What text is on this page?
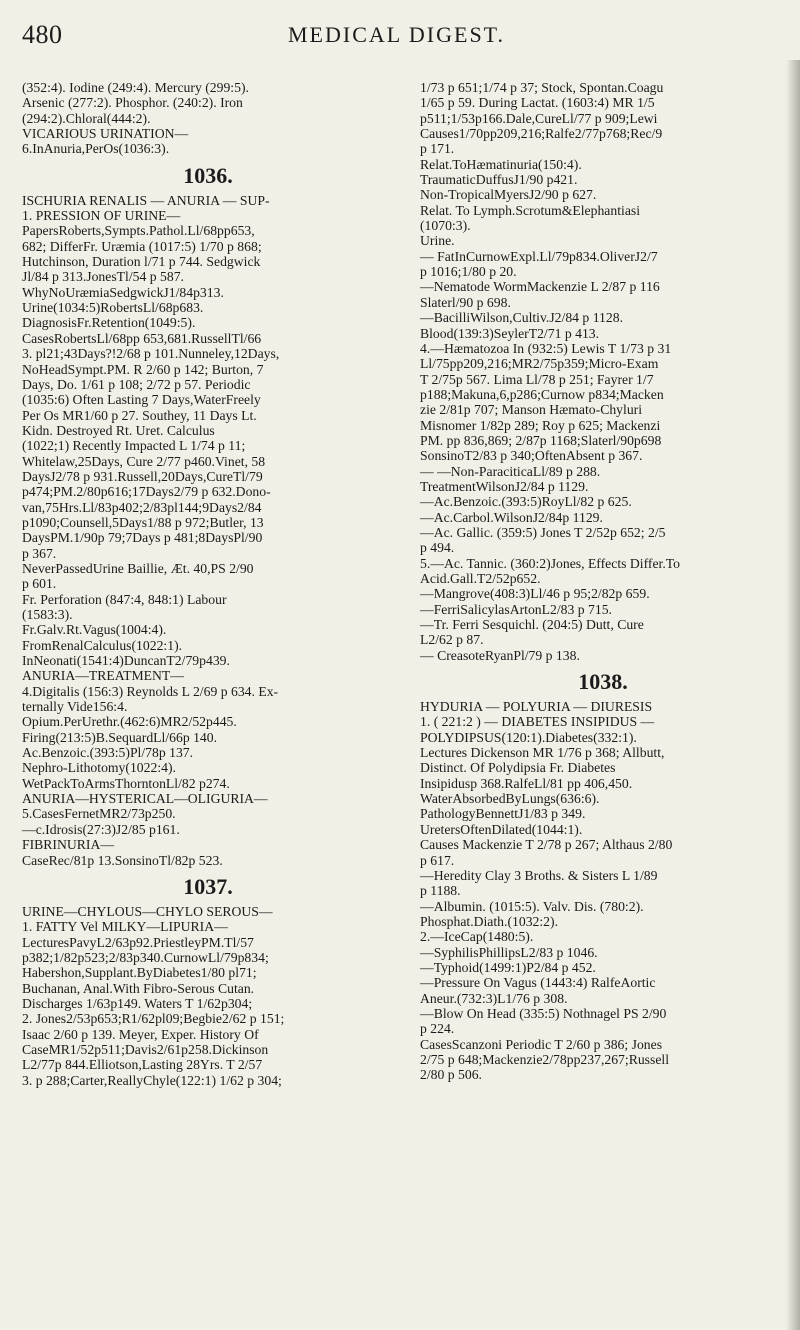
480	MEDICAL DIGEST.

(352:4). Iodine (249:4). Mercury (299:5).

Arsenic (277:2). Phosphor. (240:2). Iron

(294:2).Chloral(444:2).

VICARIOUS URINATION—

6.InAnuria,PerOs(1036:3).

1036.

ISCHURIA RENALIS — ANURIA — SUP-

1. PRESSION OF URINE—

PapersRoberts,Sympts.Pathol.Ll/68pp653,

682; DifferFr. Uræmia (1017:5) 1/70 p 868;

Hutchinson, Duration l/71 p 744. Sedgwick

Jl/84 p 313.JonesTl/54 p 587.

WhyNoUræmiaSedgwickJ1/84p313.

Urine(1034:5)RobertsLl/68p683.

DiagnosisFr.Retention(1049:5).

CasesRobertsLl/68pp 653,681.RussellTl/66

3. pl21;43Days?!2/68 p 101.Nunneley,12Days,

NoHeadSympt.PM. R 2/60 p 142; Burton, 7

Days, Do. 1/61 p 108; 2/72 p 57. Periodic

(1035:6) Often Lasting 7 Days,WaterFreely

Per Os MR1/60 p 27. Southey, 11 Days Lt.

Kidn. Destroyed Rt. Uret. Calculus

(1022;1) Recently Impacted L 1/74 p 11;

Whitelaw,25Days, Cure 2/77 p460.Vinet, 58

DaysJ2/78 p 931.Russell,20Days,CureTl/79

p474;PM.2/80p616;17Days2/79 p 632.Dono-

van,75Hrs.Ll/83p402;2/83pl144;9Days2/84

p1090;Counsell,5Days1/88 p 972;Butler, 13

DaysPM.1/90p 79;7Days p 481;8DaysPl/90

p 367.

NeverPassedUrine Baillie, Æt. 40,PS 2/90

p 601.

Fr. Perforation (847:4, 848:1) Labour

(1583:3).

Fr.Galv.Rt.Vagus(1004:4).

FromRenalCalculus(1022:1).

InNeonati(1541:4)DuncanT2/79p439.

ANURIA—TREATMENT—

4.Digitalis (156:3) Reynolds L 2/69 p 634. Ex-

ternally Vide156:4.

Opium.PerUrethr.(462:6)MR2/52p445.

Firing(213:5)B.SequardLl/66p 140.

Ac.Benzoic.(393:5)Pl/78p 137.

Nephro-Lithotomy(1022:4).

WetPackToArmsThorntonLl/82 p274.

ANURIA—HYSTERICAL—OLIGURIA—

5.CasesFernetMR2/73p250.

—c.Idrosis(27:3)J2/85 p161.

FIBRINURIA—

CaseRec/81p 13.SonsinoTl/82p 523.

1037.

URINE—CHYLOUS—CHYLO SEROUS—

1. FATTY Vel MILKY—LIPURIA—

LecturesPavyL2/63p92.PriestleyPM.Tl/57

p382;1/82p523;2/83p340.CurnowLl/79p834;

Habershon,Supplant.ByDiabetes1/80 pl71;

Buchanan, Anal.With Fibro-Serous Cutan.

Discharges 1/63p149. Waters T 1/62p304;

2. Jones2/53p653;R1/62pl09;Begbie2/62 p 151;

Isaac 2/60 p 139. Meyer, Exper. History Of

CaseMR1/52p511;Davis2/61p258.Dickinson

L2/77p 844.Elliotson,Lasting 28Yrs. T 2/57

3. p 288;Carter,ReallyChyle(122:1) 1/62 p 304;

1/73 p 651;1/74 p 37; Stock, Spontan.Coagu

1/65 p 59. During Lactat. (1603:4) MR 1/5

p511;1/53p166.Dale,CureLl/77 p 909;Lewi

Causes1/70pp209,216;Ralfe2/77p768;Rec/9

p 171.

Relat.ToHæmatinuria(150:4).

TraumaticDuffusJ1/90 p421.

Non-TropicalMyersJ2/90 p 627.

Relat. To Lymph.Scrotum&Elephantiasi

(1070:3).

Urine.

— FatInCurnowExpl.Ll/79p834.OliverJ2/7

p 1016;1/80 p 20.

—Nematode WormMackenzie L 2/87 p 116

Slaterl/90 p 698.

—BacilliWilson,Cultiv.J2/84 p 1128.

Blood(139:3)SeylerT2/71 p 413.

4.—Hæmatozoa In (932:5) Lewis T 1/73 p 31

Ll/75pp209,216;MR2/75p359;Micro-Exam

T 2/75p 567. Lima Ll/78 p 251; Fayrer 1/7

p188;Makuna,6,p286;Curnow p834;Macken

zie 2/81p 707; Manson Hæmato-Chyluri

Misnomer 1/82p 289; Roy p 625; Mackenzi

PM. pp 836,869; 2/87p 1168;Slaterl/90p698

SonsinoT2/83 p 340;OftenAbsent p 367.

— —Non-ParaciticaLl/89 p 288.

TreatmentWilsonJ2/84 p 1129.

—Ac.Benzoic.(393:5)RoyLl/82 p 625.

—Ac.Carbol.WilsonJ2/84p 1129.

—Ac. Gallic. (359:5) Jones T 2/52p 652; 2/5

p 494.

5.—Ac. Tannic. (360:2)Jones, Effects Differ.To

Acid.Gall.T2/52p652.

—Mangrove(408:3)Ll/46 p 95;2/82p 659.

—FerriSalicylasArtonL2/83 p 715.

—Tr. Ferri Sesquichl. (204:5) Dutt, Cure

L2/62 p 87.

— CreasoteRyanPl/79 p 138.

1038.

HYDURIA — POLYURIA — DIURESIS

1. ( 221:2 ) — DIABETES INSIPIDUS —

POLYDIPSUS(120:1).Diabetes(332:1).

Lectures Dickenson MR 1/76 p 368; Allbutt,

Distinct. Of Polydipsia Fr. Diabetes

Insipidusp 368.RalfeLl/81 pp 406,450.

WaterAbsorbedByLungs(636:6).

PathologyBennettJ1/83 p 349.

UretersOftenDilated(1044:1).

Causes Mackenzie T 2/78 p 267; Althaus 2/80

p 617.

—Heredity Clay 3 Broths. & Sisters L 1/89

p 1188.

—Albumin. (1015:5). Valv. Dis. (780:2).

Phosphat.Diath.(1032:2).

2.—IceCap(1480:5).

—SyphilisPhillipsL2/83 p 1046.

—Typhoid(1499:1)P2/84 p 452.

—Pressure On Vagus (1443:4) RalfeAortic

Aneur.(732:3)L1/76 p 308.

—Blow On Head (335:5) Nothnagel PS 2/90

p 224.

CasesScanzoni Periodic T 2/60 p 386; Jones

2/75 p 648;Mackenzie2/78pp237,267;Russell

2/80 p 506.
